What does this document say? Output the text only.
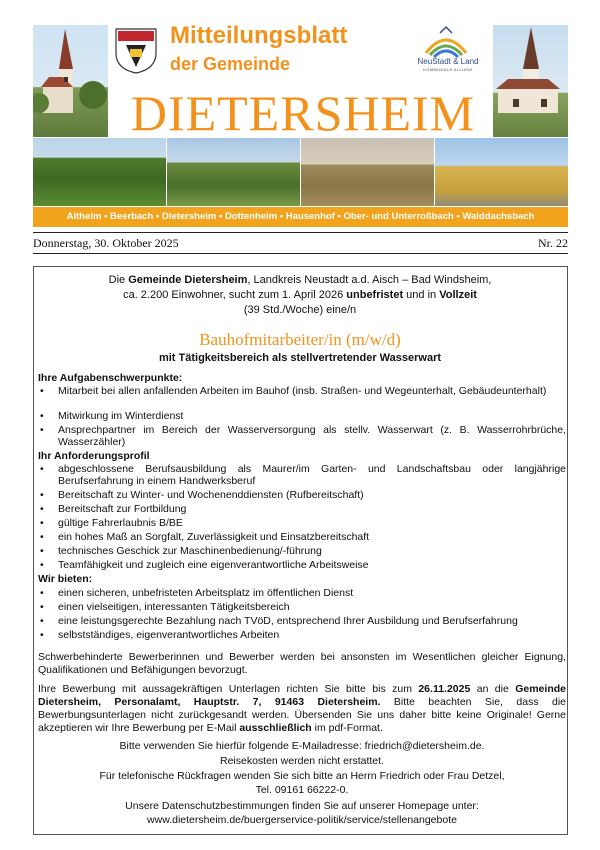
Mitteilungsblatt
der Gemeinde
DIETERSHEIM
NeuStadt & Land
KOMMUNALE ALLIANZ
Altheim • Beerbach • Dietersheim • Dottenheim • Hausenhof • Ober- und Unterroßbach • Walddachsbach
Donnerstag, 30. Oktober 2025	Nr. 22
Die Gemeinde Dietersheim, Landkreis Neustadt a.d. Aisch – Bad Windsheim,
ca. 2.200 Einwohner, sucht zum 1. April 2026 unbefristet und in Vollzeit
(39 Std./Woche) eine/n
Bauhofmitarbeiter/in (m/w/d)
mit Tätigkeitsbereich als stellvertretender Wasserwart
Ihre Aufgabenschwerpunkte:
• Mitarbeit bei allen anfallenden Arbeiten im Bauhof (insb. Straßen- und Wegeunterhalt, Gebäudeunterhalt)
• Mitwirkung im Winterdienst
• Ansprechpartner im Bereich der Wasserversorgung als stellv. Wasserwart (z. B. Wasserrohrbrüche, Wasserzähler)
Ihr Anforderungsprofil
• abgeschlossene Berufsausbildung als Maurer/im Garten- und Landschaftsbau oder langjährige Berufserfahrung in einem Handwerksberuf
• Bereitschaft zu Winter- und Wochenenddiensten (Rufbereitschaft)
• Bereitschaft zur Fortbildung
• gültige Fahrerlaubnis B/BE
• ein hohes Maß an Sorgfalt, Zuverlässigkeit und Einsatzbereitschaft
• technisches Geschick zur Maschinenbedienung/-führung
• Teamfähigkeit und zugleich eine eigenverantwortliche Arbeitsweise
Wir bieten:
• einen sicheren, unbefristeten Arbeitsplatz im öffentlichen Dienst
• einen vielseitigen, interessanten Tätigkeitsbereich
• eine leistungsgerechte Bezahlung nach TVöD, entsprechend Ihrer Ausbildung und Berufserfahrung
• selbstständiges, eigenverantwortliches Arbeiten
Schwerbehinderte Bewerberinnen und Bewerber werden bei ansonsten im Wesentlichen gleicher Eignung, Qualifikationen und Befähigungen bevorzugt.
Ihre Bewerbung mit aussagekräftigen Unterlagen richten Sie bitte bis zum 26.11.2025 an die Gemeinde Dietersheim, Personalamt, Hauptstr. 7, 91463 Dietersheim. Bitte beachten Sie, dass die Bewerbungsunterlagen nicht zurückgesandt werden. Übersenden Sie uns daher bitte keine Originale! Gerne akzeptieren wir Ihre Bewerbung per E-Mail ausschließlich im pdf-Format.
Bitte verwenden Sie hierfür folgende E-Mailadresse: friedrich@dietersheim.de.
Reisekosten werden nicht erstattet.
Für telefonische Rückfragen wenden Sie sich bitte an Herrn Friedrich oder Frau Detzel,
Tel. 09161 66222-0.
Unsere Datenschutzbestimmungen finden Sie auf unserer Homepage unter:
www.dietersheim.de/buergerservice-politik/service/stellenangebote
